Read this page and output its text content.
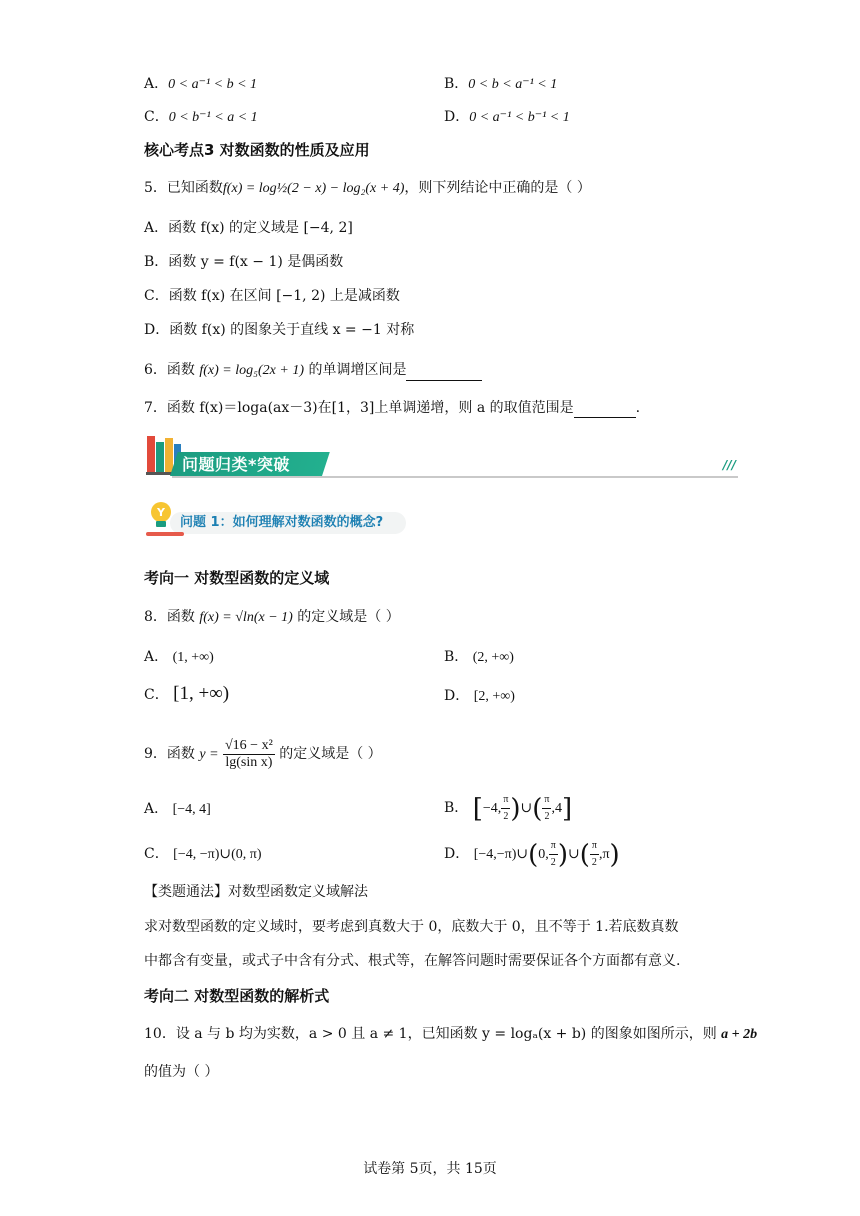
A．0 < a⁻¹ < b < 1	B．0 < b < a⁻¹ < 1
C．0 < b⁻¹ < a < 1	D．0 < a⁻¹ < b⁻¹ < 1
核心考点3 对数函数的性质及应用
5．已知函数f(x) = log½(2 − x) − log₂(x + 4)，则下列结论中正确的是（ ）
A．函数 f(x) 的定义域是 [−4, 2]
B．函数 y = f(x − 1) 是偶函数
C．函数 f(x) 在区间 [−1, 2) 上是减函数
D．函数 f(x) 的图象关于直线 x = −1 对称
6．函数 f(x) = log₅(2x + 1) 的单调增区间是
7．函数 f(x)＝loga(ax－3)在[1，3]上单调递增，则 a 的取值范围是	.
问题归类*突破	///
Y
问题 1：如何理解对数函数的概念?
考向一 对数型函数的定义域
8．函数 f(x) = √ln(x − 1) 的定义域是（ ）
A． (1, +∞)	B． (2, +∞)
C． [1, +∞)	D． [2, +∞)
9．函数 $y = \frac{\text{√16 − x²}}{\text{lg(sin x)}}$ 的定义域是（ ）
A． [−4, 4]	B． [−4, $\frac{\pi}{2}$ )∪( $\frac{\pi}{2} ,4$]
C． [−4, −π)∪(0, π)	D． [−4,−π)∪(0, $\frac{\pi}{2}$ )∪( $\frac{\pi}{2} ,\pi$)
【类题通法】对数型函数定义域解法
求对数型函数的定义域时，要考虑到真数大于 0，底数大于 0，且不等于 1.若底数真数
中都含有变量，或式子中含有分式、根式等，在解答问题时需要保证各个方面都有意义.
考向二 对数型函数的解析式
10．设 a 与 b 均为实数，a > 0 且 a ≠ 1，已知函数 y = logₐ(x + b) 的图象如图所示，则 a + 2b
的值为（ ）
试卷第 5页，共 15页
